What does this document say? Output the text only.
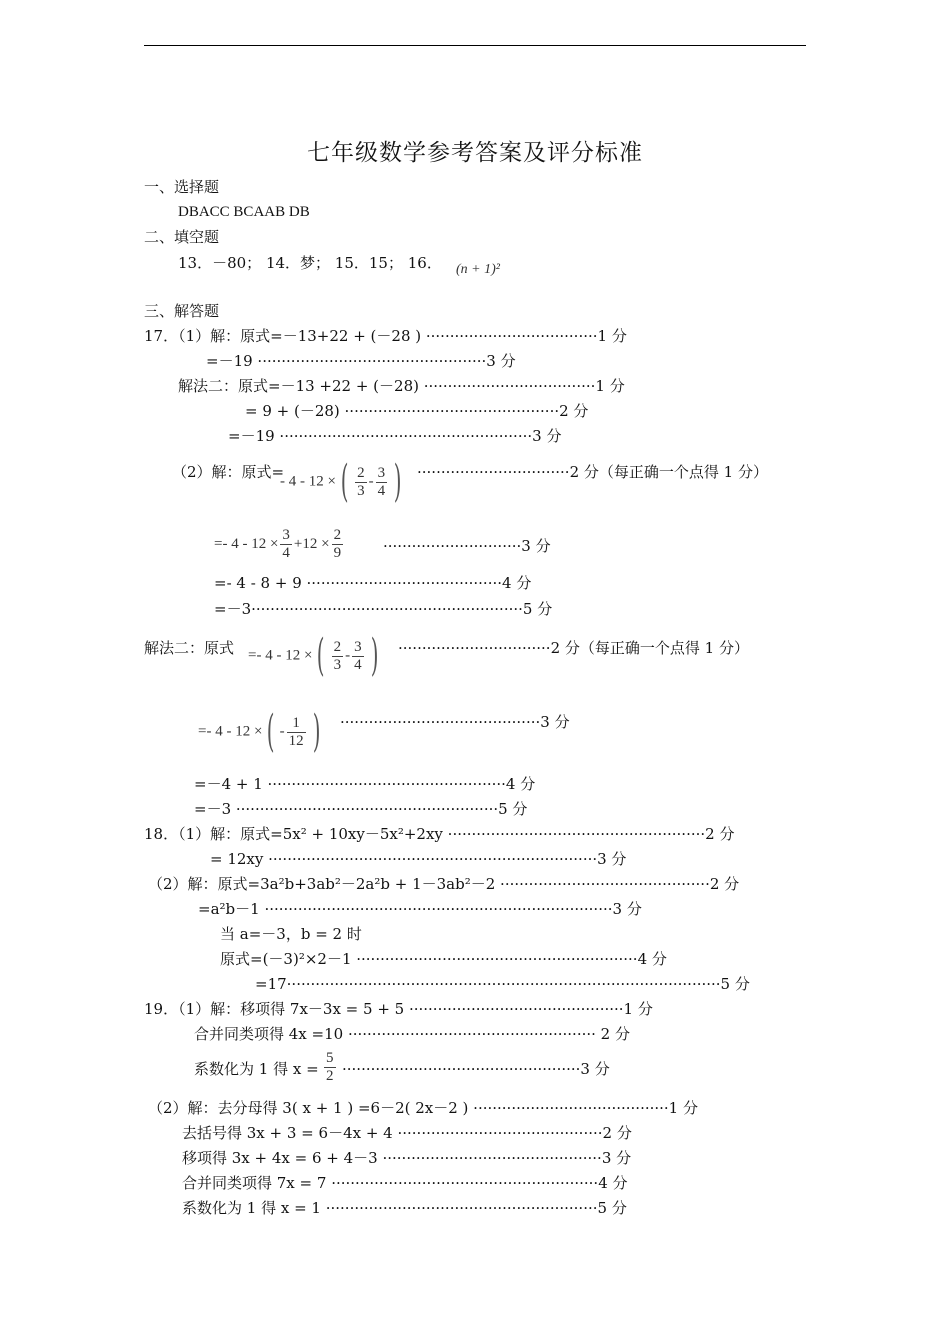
七年级数学参考答案及评分标准
一、选择题
DBACC BCAAB DB
二、填空题
13．－80； 14．梦； 15．15； 16． (n + 1)²
三、解答题
17．（1）解：原式=－13+22 + (－28 ) ····································1 分
=－19 ················································3 分
解法二：原式=－13 +22 + (－28) ····································1 分
= 9 + (－28) ·············································2 分
=－19 ·····················································3 分
（2）解：原式=
- 4 - 12 × ( $\frac{2}{3} - \frac{3}{4}$ )	································2 分（每正确一个点得 1 分）
=- $4 - 12 \times \frac{3}{4} +12 \times \frac{2}{9}$	·····························3 分
=- 4 - 8 + 9 ·········································4 分
=－3·························································5 分
解法二：原式 =- 4 - 12 × ( $\frac{2}{3} - \frac{3}{4}$ )	································2 分（每正确一个点得 1 分）
=- 4 - 12 × ( - $\frac{1}{12}$ )	··········································3 分
=－4 + 1 ··················································4 分
=－3 ·······················································5 分
18．（1）解：原式=5x² + 10xy－5x²+2xy ······················································2 分
= 12xy ·····································································3 分
（2）解：原式=3a²b+3ab²－2a²b + 1－3ab²－2 ············································2 分
=a²b－1 ·········································································3 分
当 a=－3，b = 2 时
原式=(－3)²×2－1 ···························································4 分
=17···························································································5 分
19．（1）解：移项得 7x－3x = 5 + 5 ·············································1 分
合并同类项得 4x =10 ···················································· 2 分
系数化为 1 得 $x = \frac{5}{2} \cdot\cdot\cdot\cdot\cdot\cdot\cdot\cdot\cdot\cdot\cdot\cdot\cdot\cdot\cdot\cdot\cdot\cdot\cdot\cdot\cdot\cdot\cdot\cdot\cdot\cdot\cdot\cdot\cdot\cdot\cdot\cdot\cdot\cdot\cdot\cdot\cdot\cdot\cdot\cdot\cdot\cdot\cdot\cdot\cdot\cdot\cdot\cdot\cdot\cdot 3$ 分
（2）解：去分母得 3( x + 1 ) =6－2( 2x－2 ) ·········································1 分
去括号得 3x + 3 = 6－4x + 4 ···········································2 分
移项得 3x + 4x = 6 + 4－3 ··············································3 分
合并同类项得 7x = 7 ························································4 分
系数化为 1 得 x = 1 ·························································5 分
